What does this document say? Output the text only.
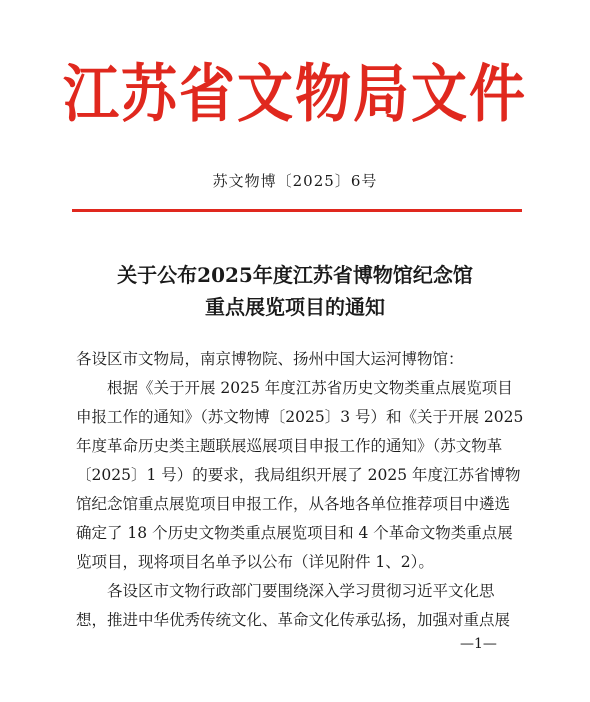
江苏省文物局文件
苏文物博〔2025〕6号
关于公布2025年度江苏省博物馆纪念馆
重点展览项目的通知
各设区市文物局，南京博物院、扬州中国大运河博物馆：
根据《关于开展 2025 年度江苏省历史文物类重点展览项目
申报工作的通知》（苏文物博〔2025〕3 号）和《关于开展 2025
年度革命历史类主题联展巡展项目申报工作的通知》（苏文物革
〔2025〕1 号）的要求，我局组织开展了 2025 年度江苏省博物
馆纪念馆重点展览项目申报工作，从各地各单位推荐项目中遴选
确定了 18 个历史文物类重点展览项目和 4 个革命文物类重点展
览项目，现将项目名单予以公布（详见附件 1、2）。
各设区市文物行政部门要围绕深入学习贯彻习近平文化思
想，推进中华优秀传统文化、革命文化传承弘扬，加强对重点展
—1—
